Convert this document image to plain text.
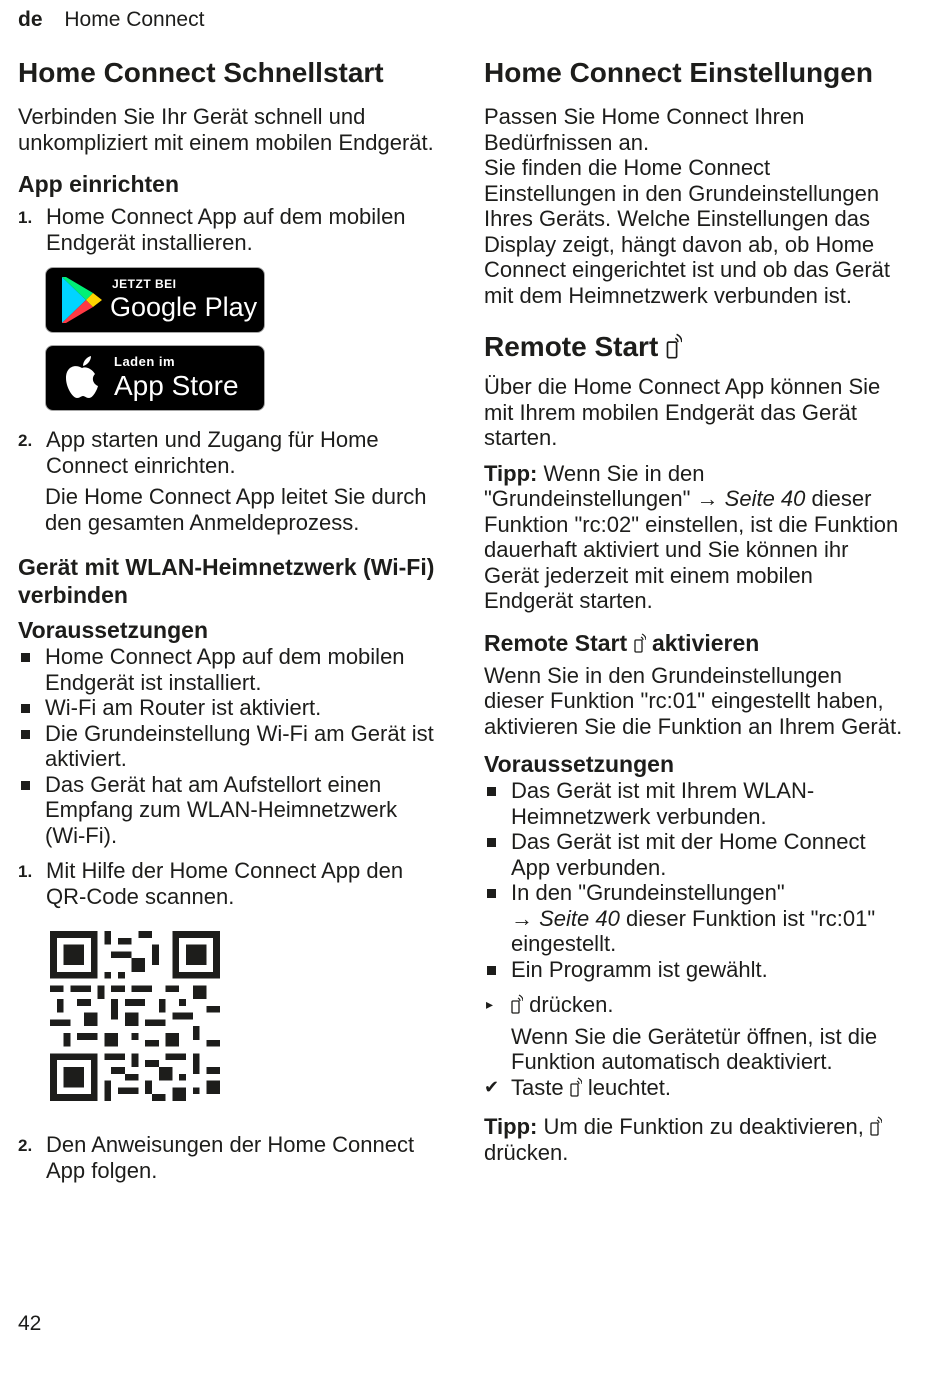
de Home Connect
Home Connect Schnellstart

Verbinden Sie Ihr Gerät schnell und unkompliziert mit einem mobilen Endgerät.

App einrichten
1. Home Connect App auf dem mobilen Endgerät installieren.
JETZT BEI
Google Play
Laden im
App Store
2. App starten und Zugang für Home Connect einrichten.

Die Home Connect App leitet Sie durch den gesamten Anmeldeprozess.

Gerät mit WLAN-Heimnetzwerk (Wi-Fi) verbinden
Voraussetzungen
Home Connect App auf dem mobilen Endgerät ist installiert.
Wi-Fi am Router ist aktiviert.
Die Grundeinstellung Wi-Fi am Gerät ist aktiviert.
Das Gerät hat am Aufstellort einen Empfang zum WLAN-Heimnetzwerk (Wi-Fi).
1. Mit Hilfe der Home Connect App den QR-Code scannen.
2. Den Anweisungen der Home Connect App folgen.
Home Connect Einstellungen

Passen Sie Home Connect Ihren Bedürfnissen an.

Sie finden die Home Connect Einstellungen in den Grundeinstellungen Ihres Geräts. Welche Einstellungen das Display zeigt, hängt davon ab, ob Home Connect eingerichtet ist und ob das Gerät mit dem Heimnetzwerk verbunden ist.

Remote Start

Über die Home Connect App können Sie mit Ihrem mobilen Endgerät das Gerät starten.

Tipp: Wenn Sie in den "Grundeinstellungen" → Seite 40 dieser Funktion "rc:02" einstellen, ist die Funktion dauerhaft aktiviert und Sie können ihr Gerät jederzeit mit einem mobilen Endgerät starten.

Remote Start aktivieren

Wenn Sie in den Grundeinstellungen dieser Funktion "rc:01" eingestellt haben, aktivieren Sie die Funktion an Ihrem Gerät.

Voraussetzungen
Das Gerät ist mit Ihrem WLAN-Heimnetzwerk verbunden.
Das Gerät ist mit der Home Connect App verbunden.
In den "Grundeinstellungen"
→ Seite 40 dieser Funktion ist "rc:01" eingestellt.
Ein Programm ist gewählt.
▸ drücken.

Wenn Sie die Gerätetür öffnen, ist die Funktion automatisch deaktiviert.

✔ Taste leuchtet.

Tipp: Um die Funktion zu deaktivieren,  drücken.

42
